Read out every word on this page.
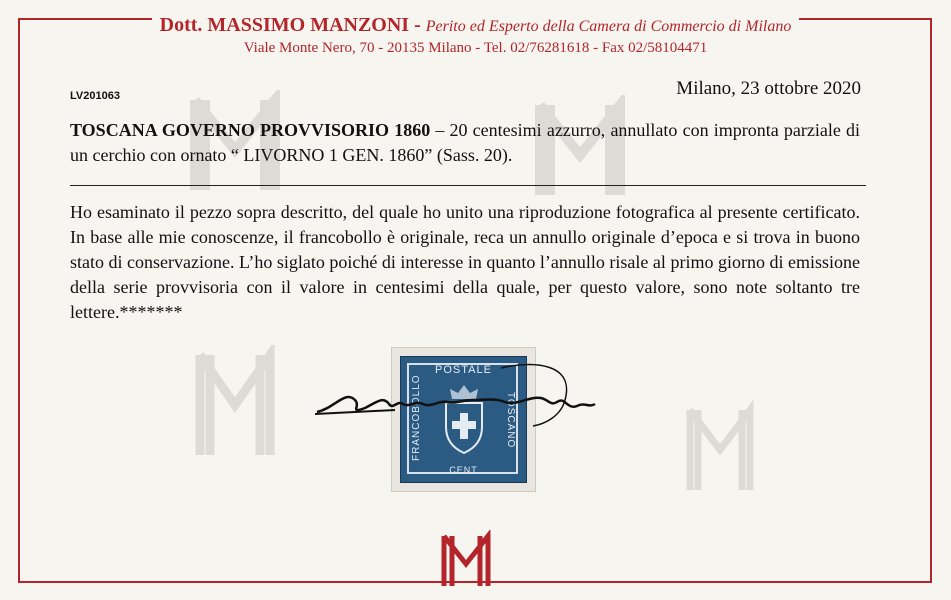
Dott. MASSIMO MANZONI - Perito ed Esperto della Camera di Commercio di Milano
Viale Monte Nero, 70 - 20135 Milano - Tel. 02/76281618 - Fax 02/58104471
LV201063	Milano, 23 ottobre 2020
TOSCANA GOVERNO PROVVISORIO 1860 – 20 centesimi azzurro, annullato con impronta parziale di un cerchio con ornato “ LIVORNO 1 GEN. 1860” (Sass. 20).
Ho esaminato il pezzo sopra descritto, del quale ho unito una riproduzione fotografica al presente certificato. In base alle mie conoscenze, il francobollo è originale, reca un annullo originale d’epoca e si trova in buono stato di conservazione. L’ho siglato poiché di interesse in quanto l’annullo risale al primo giorno di emissione della serie provvisoria con il valore in centesimi della quale, per questo valore, sono note soltanto tre lettere.*******
POSTALE
FRANCOBOLLO	TOSCANO
CENT
